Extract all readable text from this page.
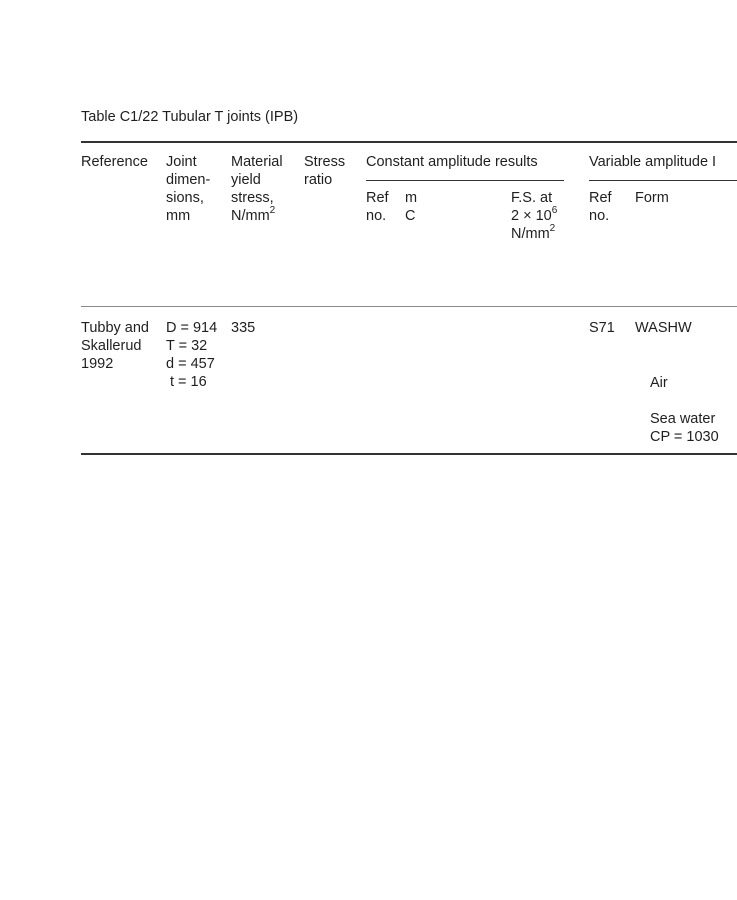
Table C1/22 Tubular T joints (IPB)
Reference Joint
dimen-
sions,
mm
Material
yield
stress,
$N/mm^2$
Stress
ratio
Constant amplitude results
Ref
no.
m
C
F.S. at
$2 \times 10^6$
$N/mm^2$
Variable amplitude I
Ref
no.
Form
Tubby and
Skallerud
1992
D = 914
T = 32
d = 457
t = 16
335	S71 WASHW
Air
Sea water
CP = 1030
